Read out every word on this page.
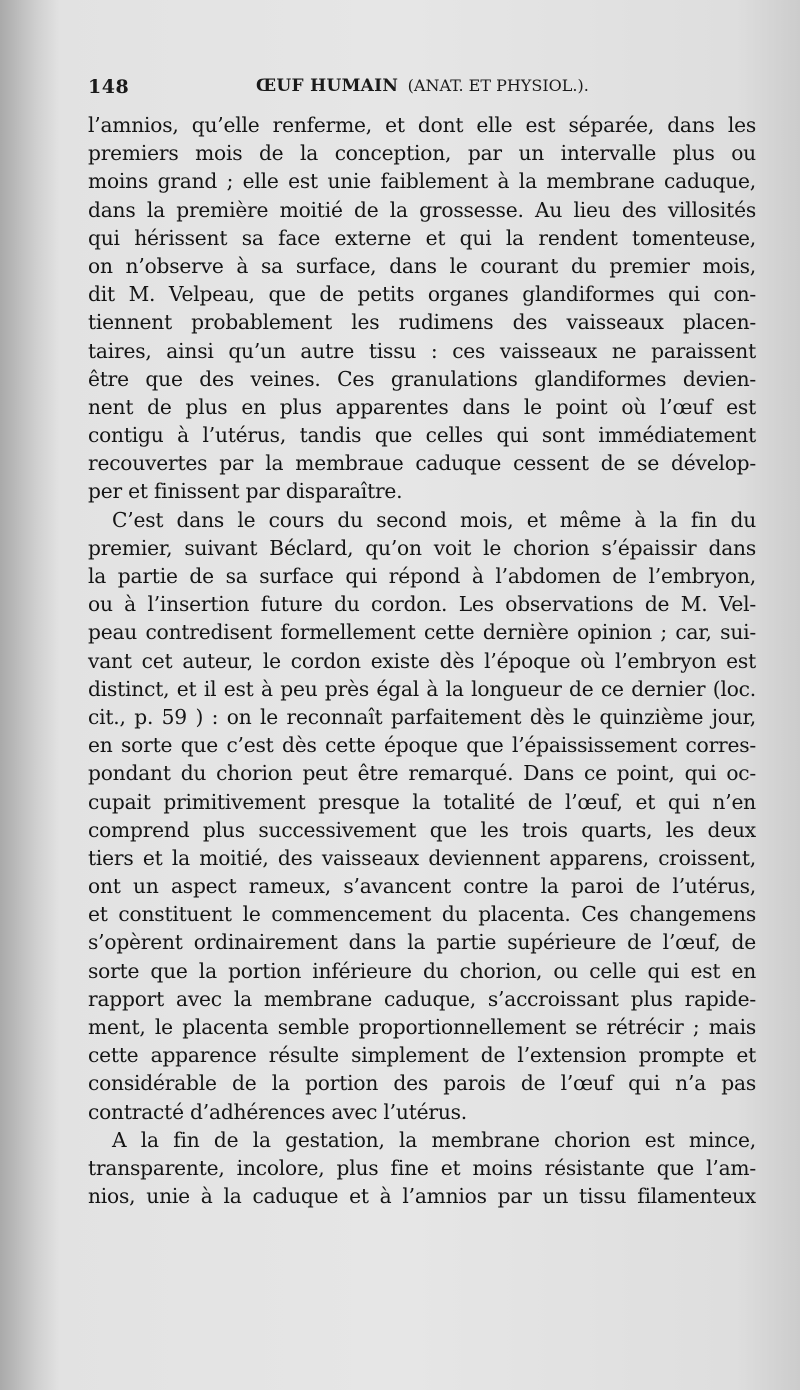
148	ŒUF HUMAIN (ANAT. ET PHYSIOL.).
l’amnios, qu’elle renferme, et dont elle est séparée, dans les
premiers mois de la conception, par un intervalle plus ou
moins grand ; elle est unie faiblement à la membrane caduque,
dans la première moitié de la grossesse. Au lieu des villosités
qui hérissent sa face externe et qui la rendent tomenteuse,
on n’observe à sa surface, dans le courant du premier mois,
dit M. Velpeau, que de petits organes glandiformes qui con-
tiennent probablement les rudimens des vaisseaux placen-
taires, ainsi qu’un autre tissu : ces vaisseaux ne paraissent
être que des veines. Ces granulations glandiformes devien-
nent de plus en plus apparentes dans le point où l’œuf est
contigu à l’utérus, tandis que celles qui sont immédiatement
recouvertes par la membraue caduque cessent de se dévelop-
per et finissent par disparaître.
C’est dans le cours du second mois, et même à la fin du
premier, suivant Béclard, qu’on voit le chorion s’épaissir dans
la partie de sa surface qui répond à l’abdomen de l’embryon,
ou à l’insertion future du cordon. Les observations de M. Vel-
peau contredisent formellement cette dernière opinion ; car, sui-
vant cet auteur, le cordon existe dès l’époque où l’embryon est
distinct, et il est à peu près égal à la longueur de ce dernier (loc.
cit., p. 59 ) : on le reconnaît parfaitement dès le quinzième jour,
en sorte que c’est dès cette époque que l’épaississement corres-
pondant du chorion peut être remarqué. Dans ce point, qui oc-
cupait primitivement presque la totalité de l’œuf, et qui n’en
comprend plus successivement que les trois quarts, les deux
tiers et la moitié, des vaisseaux deviennent apparens, croissent,
ont un aspect rameux, s’avancent contre la paroi de l’utérus,
et constituent le commencement du placenta. Ces changemens
s’opèrent ordinairement dans la partie supérieure de l’œuf, de
sorte que la portion inférieure du chorion, ou celle qui est en
rapport avec la membrane caduque, s’accroissant plus rapide-
ment, le placenta semble proportionnellement se rétrécir ; mais
cette apparence résulte simplement de l’extension prompte et
considérable de la portion des parois de l’œuf qui n’a pas
contracté d’adhérences avec l’utérus.
A la fin de la gestation, la membrane chorion est mince,
transparente, incolore, plus fine et moins résistante que l’am-
nios, unie à la caduque et à l’amnios par un tissu filamenteux
